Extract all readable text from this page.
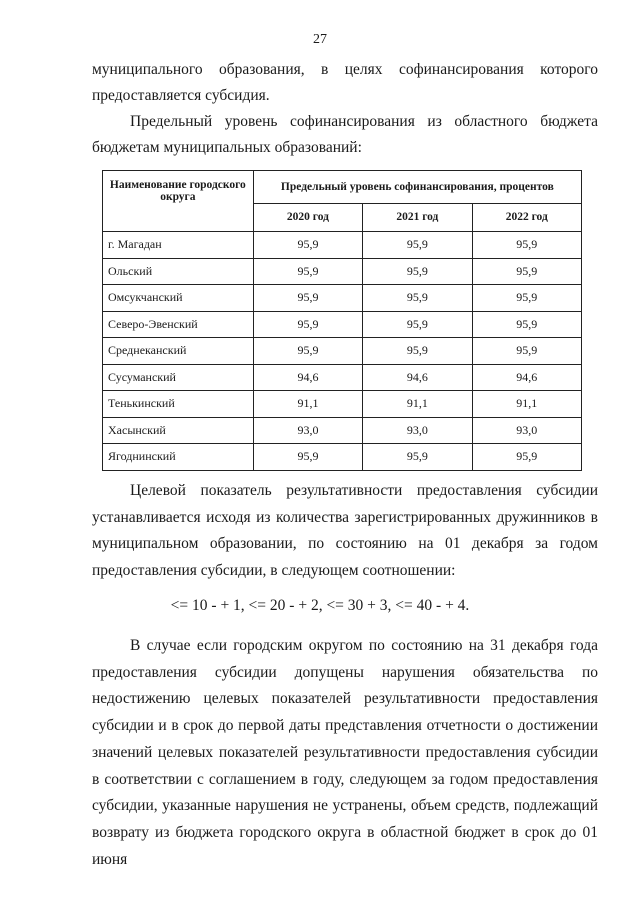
27
муниципального образования, в целях софинансирования которого предоставляется субсидия.
Предельный уровень софинансирования из областного бюджета бюджетам муниципальных образований:
Наименование городского округа	Предельный уровень софинансирования, процентов		
	2020 год	2021 год	2022 год
г. Магадан	95,9	95,9	95,9
Ольский	95,9	95,9	95,9
Омсукчанский	95,9	95,9	95,9
Северо-Эвенский	95,9	95,9	95,9
Среднеканский	95,9	95,9	95,9
Сусуманский	94,6	94,6	94,6
Тенькинский	91,1	91,1	91,1
Хасынский	93,0	93,0	93,0
Ягоднинский	95,9	95,9	95,9
Целевой показатель результативности предоставления субсидии устанавливается исходя из количества зарегистрированных дружинников в муниципальном образовании, по состоянию на 01 декабря за годом предоставления субсидии, в следующем соотношении:
<= 10 - + 1, <= 20 - + 2, <= 30 + 3, <= 40 - + 4.
В случае если городским округом по состоянию на 31 декабря года предоставления субсидии допущены нарушения обязательства по недостижению целевых показателей результативности предоставления субсидии и в срок до первой даты представления отчетности о достижении значений целевых показателей результативности предоставления субсидии в соответствии с соглашением в году, следующем за годом предоставления субсидии, указанные нарушения не устранены, объем средств, подлежащий возврату из бюджета городского округа в областной бюджет в срок до 01 июня
